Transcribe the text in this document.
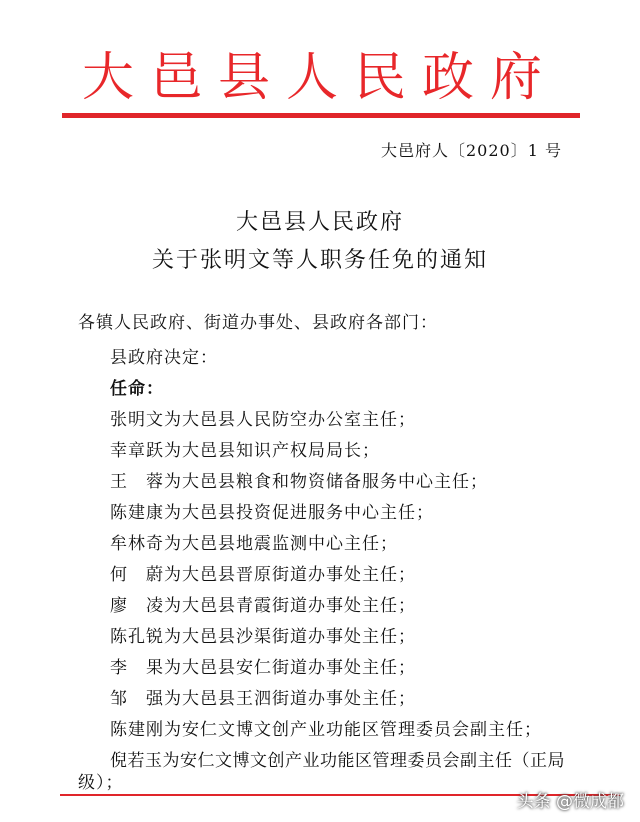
大邑县人民政府
大邑府人〔2020〕1 号
大邑县人民政府
关于张明文等人职务任免的通知
各镇人民政府、街道办事处、县政府各部门：
县政府决定：
任命：
张明文为大邑县人民防空办公室主任；
幸章跃为大邑县知识产权局局长；
王　蓉为大邑县粮食和物资储备服务中心主任；
陈建康为大邑县投资促进服务中心主任；
牟林奇为大邑县地震监测中心主任；
何　蔚为大邑县晋原街道办事处主任；
廖　凌为大邑县青霞街道办事处主任；
陈孔锐为大邑县沙渠街道办事处主任；
李　果为大邑县安仁街道办事处主任；
邹　强为大邑县王泗街道办事处主任；
陈建刚为安仁文博文创产业功能区管理委员会副主任；
倪若玉为安仁文博文创产业功能区管理委员会副主任（正局
级）；
头条 @微成都
